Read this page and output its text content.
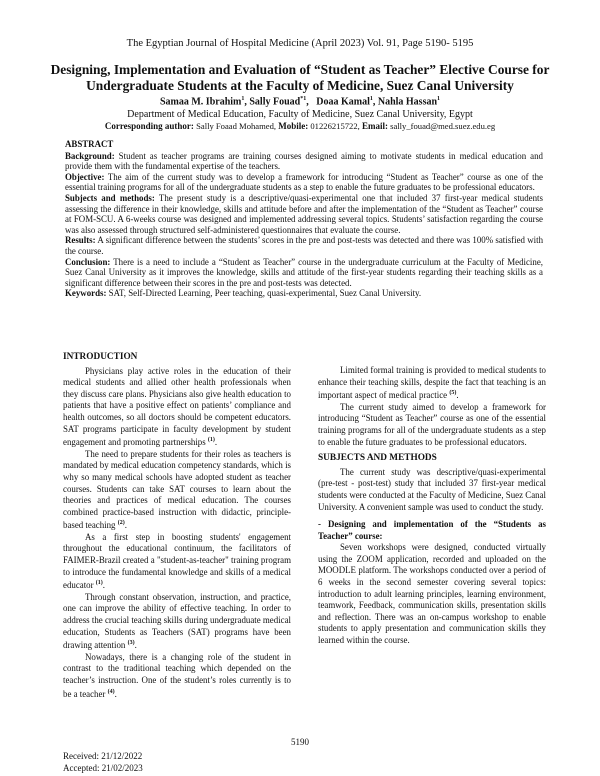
The Egyptian Journal of Hospital Medicine (April 2023) Vol. 91, Page 5190- 5195
Designing, Implementation and Evaluation of “Student as Teacher” Elective Course for Undergraduate Students at the Faculty of Medicine, Suez Canal University
Samaa M. Ibrahim$^1$, Sally Fouad$^{*1}$,   Doaa Kamal$^1$, Nahla Hassan$^1$
Department of Medical Education, Faculty of Medicine, Suez Canal University, Egypt
Corresponding author: Sally Foaad Mohamed, Mobile: 01226215722, Email: sally_fouad@med.suez.edu.eg
ABSTRACT

Background: Student as teacher programs are training courses designed aiming to motivate students in medical education and provide them with the fundamental expertise of the teachers.

Objective: The aim of the current study was to develop a framework for introducing “Student as Teacher” course as one of the essential training programs for all of the undergraduate students as a step to enable the future graduates to be professional educators.

Subjects and methods: The present study is a descriptive/quasi-experimental one that included 37 first-year medical students assessing the difference in their knowledge, skills and attitude before and after the implementation of the “Student as Teacher” course at FOM-SCU. A 6-weeks course was designed and implemented addressing several topics. Students’ satisfaction regarding the course was also assessed through structured self-administered questionnaires that evaluate the course.

Results: A significant difference between the students’ scores in the pre and post-tests was detected and there was 100% satisfied with the course.

Conclusion: There is a need to include a “Student as Teacher” course in the undergraduate curriculum at the Faculty of Medicine, Suez Canal University as it improves the knowledge, skills and attitude of the first-year students regarding their teaching skills as a significant difference between their scores in the pre and post-tests was detected.

Keywords: SAT, Self-Directed Learning, Peer teaching, quasi-experimental, Suez Canal University.

INTRODUCTION

Physicians play active roles in the education of their medical students and allied other health professionals when they discuss care plans. Physicians also give health education to patients that have a positive effect on patients’ compliance and health outcomes, so all doctors should be competent educators. SAT programs participate in faculty development by student engagement and promoting partnerships $^{(1)}$.

The need to prepare students for their roles as teachers is mandated by medical education competency standards, which is why so many medical schools have adopted student as teacher courses. Students can take SAT courses to learn about the theories and practices of medical education. The courses combined practice-based instruction with didactic, principle-based teaching $^{(2)}$.

As a first step in boosting students' engagement throughout the educational continuum, the facilitators of FAIMER-Brazil created a "student-as-teacher" training program to introduce the fundamental knowledge and skills of a medical educator $^{(1)}$.

Through constant observation, instruction, and practice, one can improve the ability of effective teaching. In order to address the crucial teaching skills during undergraduate medical education, Students as Teachers (SAT) programs have been drawing attention $^{(3)}$.

Nowadays, there is a changing role of the student in contrast to the traditional teaching which depended on the teacher’s instruction. One of the student’s roles currently is to be a teacher $^{(4)}$.

Limited formal training is provided to medical students to enhance their teaching skills, despite the fact that teaching is an important aspect of medical practice $^{(5)}$.

The current study aimed to develop a framework for introducing “Student as Teacher” course as one of the essential training programs for all of the undergraduate students as a step to enable the future graduates to be professional educators.

SUBJECTS AND METHODS

The current study was descriptive/quasi-experimental (pre-test - post-test) study that included 37 first-year medical students were conducted at the Faculty of Medicine, Suez Canal University. A convenient sample was used to conduct the study.

- Designing and implementation of the “Students as Teacher” course:

Seven workshops were designed, conducted virtually using the ZOOM application, recorded and uploaded on the MOODLE platform. The workshops conducted over a period of 6 weeks in the second semester covering several topics: introduction to adult learning principles, learning environment, teamwork, Feedback, communication skills, presentation skills and reflection. There was an on-campus workshop to enable students to apply presentation and communication skills they learned within the course.

5190
Received: 21/12/2022
Accepted: 21/02/2023
